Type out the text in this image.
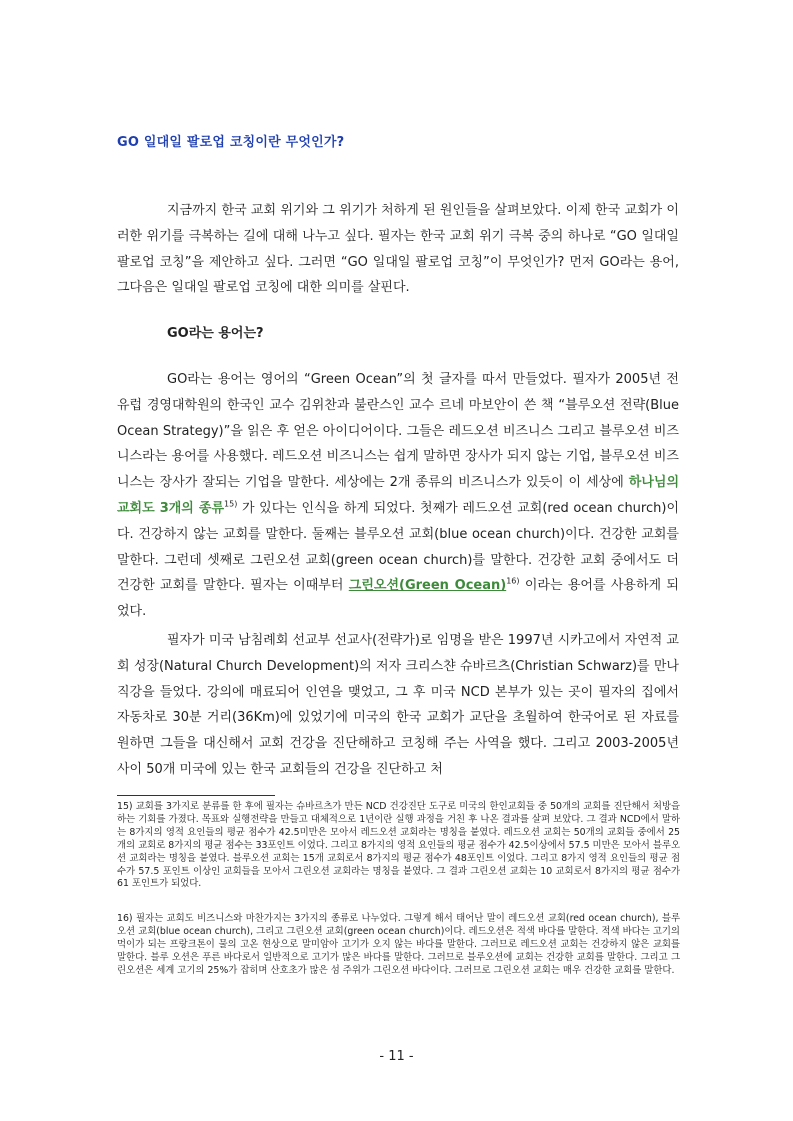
GO 일대일 팔로업 코칭이란 무엇인가?

지금까지 한국 교회 위기와 그 위기가 처하게 된 원인들을 살펴보았다. 이제 한국 교회가 이러한 위기를 극복하는 길에 대해 나누고 싶다. 필자는 한국 교회 위기 극복 중의 하나로 “GO 일대일 팔로업 코칭”을 제안하고 싶다. 그러면 “GO 일대일 팔로업 코칭”이 무엇인가? 먼저 GO라는 용어, 그다음은 일대일 팔로업 코칭에 대한 의미를 살핀다.

GO라는 용어는?

GO라는 용어는 영어의 “Green Ocean”의 첫 글자를 따서 만들었다. 필자가 2005년 전 유럽 경영대학원의 한국인 교수 김위찬과 불란스인 교수 르네 마보안이 쓴 책 “블루오션 전략(Blue Ocean Strategy)”을 읽은 후 얻은 아이디어이다. 그들은 레드오션 비즈니스 그리고 블루오션 비즈니스라는 용어를 사용했다. 레드오션 비즈니스는 쉽게 말하면 장사가 되지 않는 기업, 블루오션 비즈니스는 장사가 잘되는 기업을 말한다. 세상에는 2개 종류의 비즈니스가 있듯이 이 세상에 하나님의 교회도 3개의 종류$^{15)}$ 가 있다는 인식을 하게 되었다. 첫째가 레드오션 교회(red ocean church)이다. 건강하지 않는 교회를 말한다. 둘째는 블루오션 교회(blue ocean church)이다. 건강한 교회를 말한다. 그런데 셋째로 그린오션 교회(green ocean church)를 말한다. 건강한 교회 중에서도 더 건강한 교회를 말한다. 필자는 이때부터 그린오션(Green Ocean)$^{16)}$ 이라는 용어를 사용하게 되었다.

필자가 미국 남침례회 선교부 선교사(전략가)로 임명을 받은 1997년 시카고에서 자연적 교회 성장(Natural Church Development)의 저자 크리스챤 슈바르츠(Christian Schwarz)를 만나 직강을 들었다. 강의에 매료되어 인연을 맺었고, 그 후 미국 NCD 본부가 있는 곳이 필자의 집에서 자동차로 30분 거리(36Km)에 있었기에 미국의 한국 교회가 교단을 초월하여 한국어로 된 자료를 원하면 그들을 대신해서 교회 건강을 진단해하고 코칭해 주는 사역을 했다. 그리고 2003-2005년 사이 50개 미국에 있는 한국 교회들의 건강을 진단하고 처

15) 교회를 3가지로 분류를 한 후에 필자는 슈바르츠가 만든 NCD 건강진단 도구로 미국의 한인교회들 중 50개의 교회를 진단해서 처방을 하는 기회를 가졌다. 목표와 실행전략을 만들고 대체적으로 1년이란 실행 과정을 거친 후 나온 결과를 살펴 보았다. 그 결과 NCD에서 말하는 8가지의 영적 요인들의 평균 점수가 42.5미만은 모아서 레드오션 교회라는 명칭을 붙였다. 레드오션 교회는 50개의 교회들 중에서 25개의 교회로 8가지의 평균 점수는 33포인트 이었다. 그리고 8가지의 영적 요인들의 평균 점수가 42.5이상에서 57.5 미만은 모아서 블루오션 교회라는 명칭을 붙였다. 블루오션 교회는 15개 교회로서 8가지의 평균 점수가 48포인트 이었다. 그리고 8가지 영적 요인들의 평균 점수가 57.5 포인트 이상인 교회들을 모아서 그린오션 교회라는 명칭을 붙였다. 그 결과 그린오션 교회는 10 교회로서 8가지의 평균 점수가 61 포인트가 되었다.

16) 필자는 교회도 비즈니스와 마찬가지는 3가지의 종류로 나누었다. 그렇게 해서 태어난 말이 레드오션 교회(red ocean church), 블루오션 교회(blue ocean church), 그리고 그린오션 교회(green ocean church)이다. 레드오션은 적색 바다를 말한다. 적색 바다는 고기의 먹이가 되는 프랑크톤이 물의 고온 현상으로 말미암아 고기가 오지 않는 바다를 말한다. 그러므로 레드오션 교회는 건강하지 않은 교회를 말한다. 블루 오션은 푸른 바다로서 일반적으로 고기가 많은 바다를 말한다. 그러므로 블루오션에 교회는 건강한 교회를 말한다. 그리고 그린오션은 세계 고기의 25%가 잡히며 산호초가 많은 섬 주위가 그린오션 바다이다. 그러므로 그린오션 교회는 매우 건강한 교회를 말한다.

- 11 -
